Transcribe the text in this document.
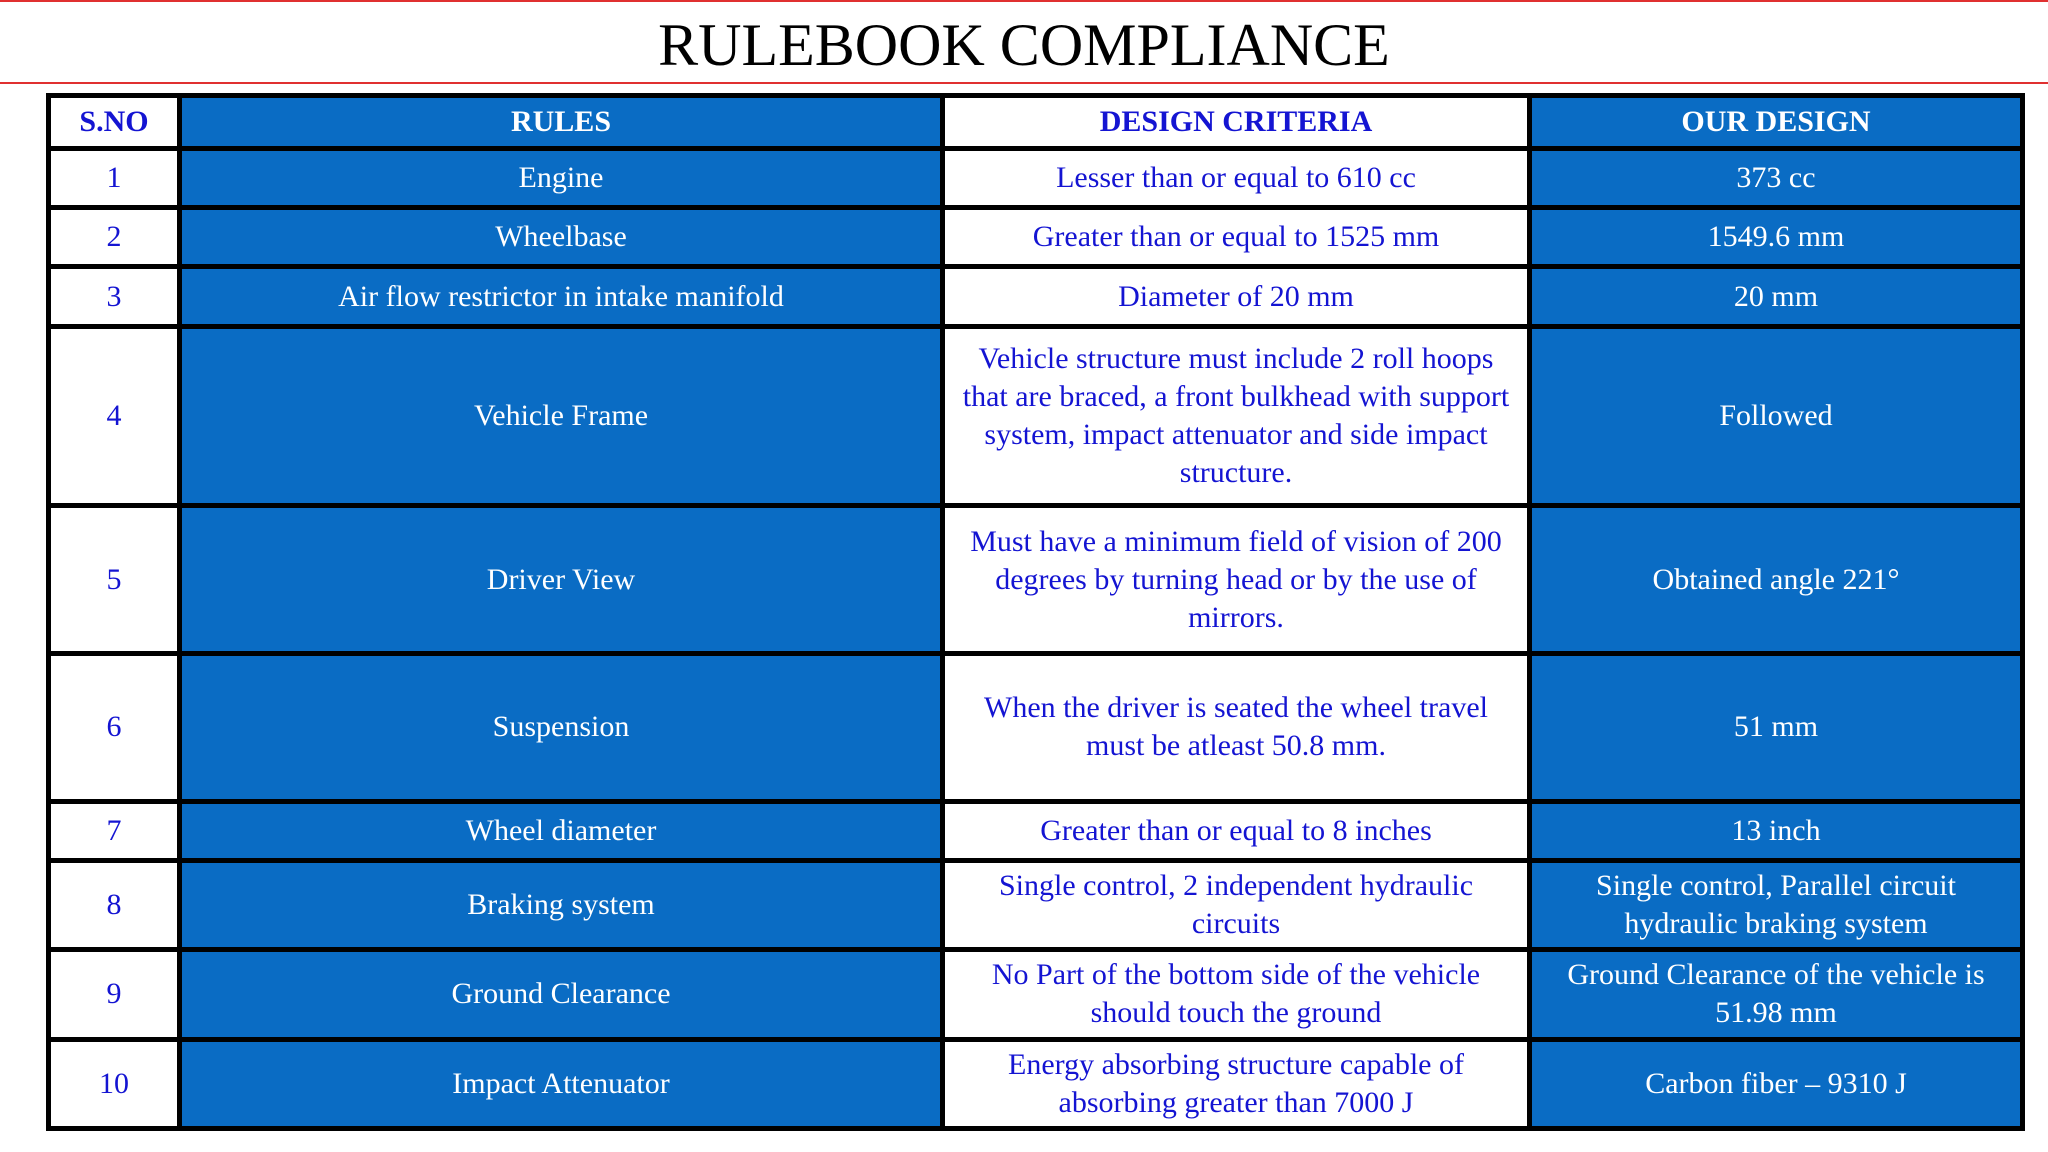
RULEBOOK COMPLIANCE
S.NO	RULES	DESIGN CRITERIA	OUR DESIGN
1	Engine	Lesser than or equal to 610 cc	373 cc
2	Wheelbase	Greater than or equal to 1525 mm	1549.6 mm
3	Air flow restrictor in intake manifold	Diameter of 20 mm	20 mm
4	Vehicle Frame	Vehicle structure must include 2 roll hoops that are braced, a front bulkhead with support system, impact attenuator and side impact structure.	Followed
5	Driver View	Must have a minimum field of vision of 200 degrees by turning head or by the use of mirrors.	Obtained angle 221°
6	Suspension	When the driver is seated the wheel travel must be atleast 50.8 mm.	51 mm
7	Wheel diameter	Greater than or equal to 8 inches	13 inch
8	Braking system	Single control, 2 independent hydraulic circuits	Single control, Parallel circuit hydraulic braking system
9	Ground Clearance	No Part of the bottom side of the vehicle should touch the ground	Ground Clearance of the vehicle is 51.98 mm
10	Impact Attenuator	Energy absorbing structure capable of absorbing greater than 7000 J	Carbon fiber – 9310 J
